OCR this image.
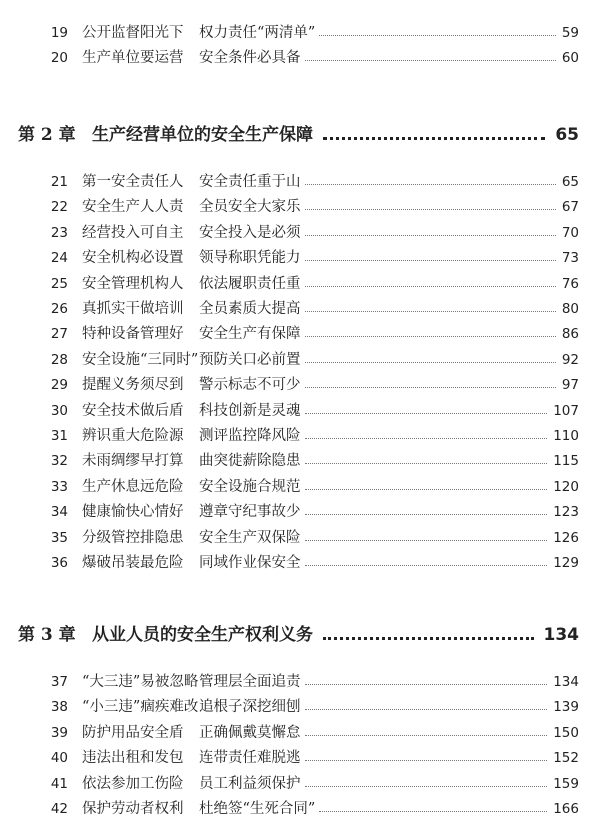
19 公开监督阳光下 权力责任“两清单”	59
20 生产单位要运营 安全条件必具备	60
第 2 章 生产经营单位的安全生产保障	65
21 第一安全责任人 安全责任重于山	65
22 安全生产人人责 全员安全大家乐	67
23 经营投入可自主 安全投入是必须	70
24 安全机构必设置 领导称职凭能力	73
25 安全管理机构人 依法履职责任重	76
26 真抓实干做培训 全员素质大提高	80
27 特种设备管理好 安全生产有保障	86
28 安全设施“三同时” 预防关口必前置	92
29 提醒义务须尽到 警示标志不可少	97
30 安全技术做后盾 科技创新是灵魂	107
31 辨识重大危险源 测评监控降风险	110
32 未雨绸缪早打算 曲突徙薪除隐患	115
33 生产休息远危险 安全设施合规范	120
34 健康愉快心情好 遵章守纪事故少	123
35 分级管控排隐患 安全生产双保险	126
36 爆破吊装最危险 同域作业保安全	129
第 3 章 从业人员的安全生产权利义务	134
37 “大三违”易被忽略 管理层全面追责	134
38 “小三违”痼疾难改 追根子深挖细刨	139
39 防护用品安全盾 正确佩戴莫懈怠	150
40 违法出租和发包 连带责任难脱逃	152
41 依法参加工伤险 员工利益须保护	159
42 保护劳动者权利 杜绝签“生死合同”	166
